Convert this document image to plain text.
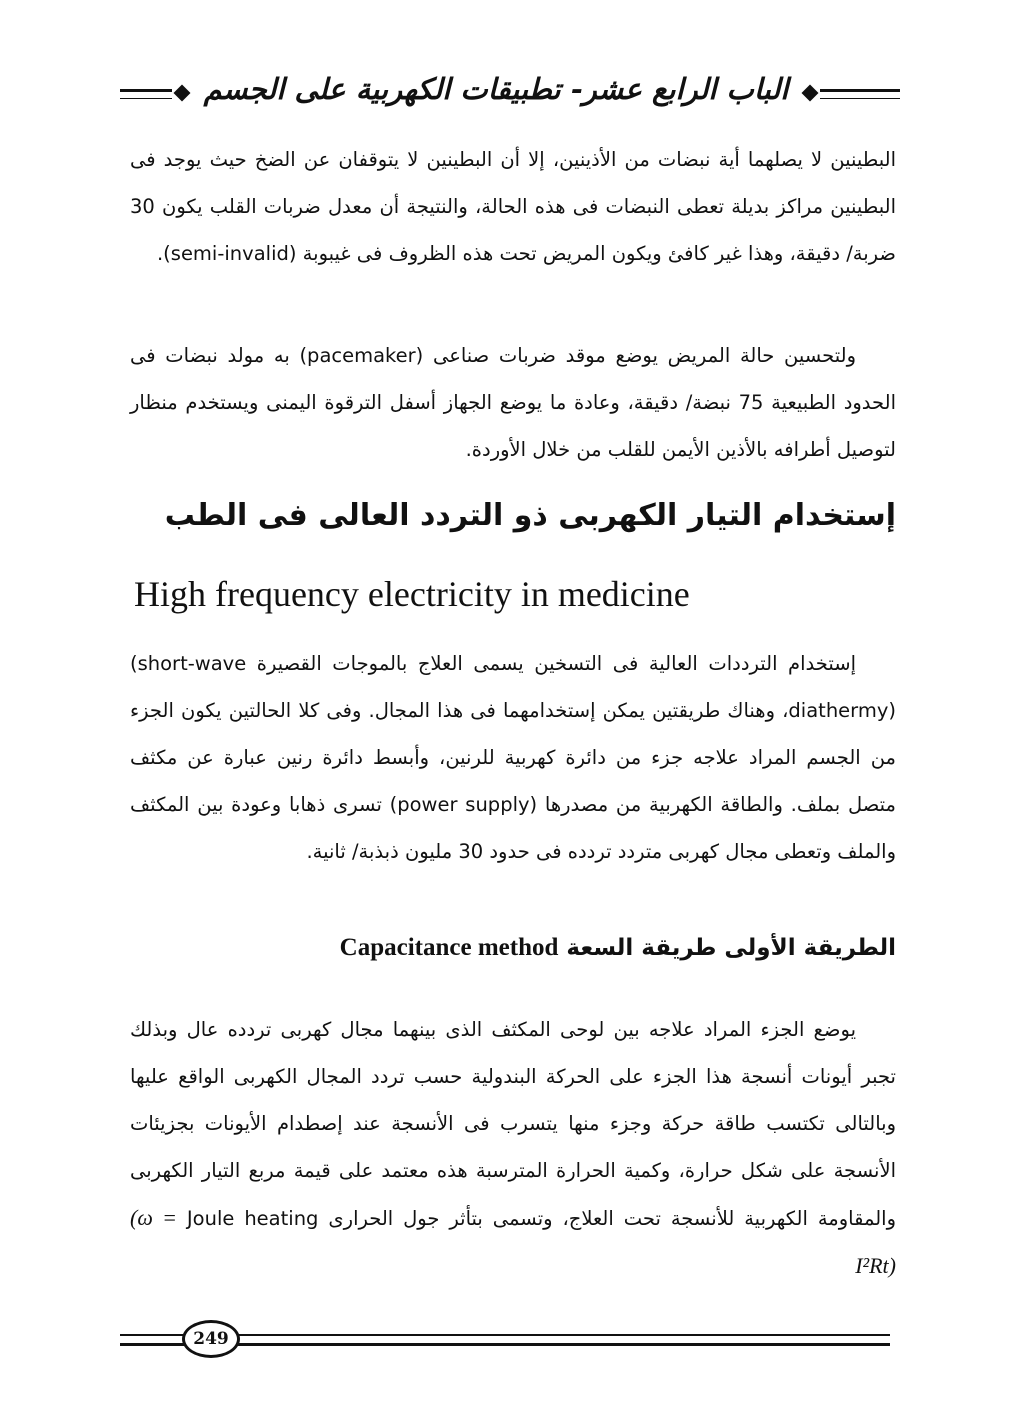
الباب الرابع عشر- تطبيقات الكهربية على الجسم
البطينين لا يصلهما أية نبضات من الأذينين، إلا أن البطينين لا يتوقفان عن الضخ حيث يوجد فى البطينين مراكز بديلة تعطى النبضات فى هذه الحالة، والنتيجة أن معدل ضربات القلب يكون 30 ضربة/ دقيقة، وهذا غير كافئ ويكون المريض تحت هذه الظروف فى غيبوبة (semi-invalid).
ولتحسين حالة المريض يوضع موقد ضربات صناعى (pacemaker) به مولد نبضات فى الحدود الطبيعية 75 نبضة/ دقيقة، وعادة ما يوضع الجهاز أسفل الترقوة اليمنى ويستخدم منظار لتوصيل أطرافه بالأذين الأيمن للقلب من خلال الأوردة.
إستخدام التيار الكهربى ذو التردد العالى فى الطب
High frequency electricity in medicine
إستخدام الترددات العالية فى التسخين يسمى العلاج بالموجات القصيرة (short-wave diathermy)، وهناك طريقتين يمكن إستخدامهما فى هذا المجال. وفى كلا الحالتين يكون الجزء من الجسم المراد علاجه جزء من دائرة كهربية للرنين، وأبسط دائرة رنين عبارة عن مكثف متصل بملف. والطاقة الكهربية من مصدرها (power supply) تسرى ذهابا وعودة بين المكثف والملف وتعطى مجال كهربى متردد تردده فى حدود 30 مليون ذبذبة/ ثانية.
الطريقة الأولى طريقة السعة Capacitance method
يوضع الجزء المراد علاجه بين لوحى المكثف الذى بينهما مجال كهربى تردده عال وبذلك تجبر أيونات أنسجة هذا الجزء على الحركة البندولية حسب تردد المجال الكهربى الواقع عليها وبالتالى تكتسب طاقة حركة وجزء منها يتسرب فى الأنسجة عند إصطدام الأيونات بجزيئات الأنسجة على شكل حرارة، وكمية الحرارة المترسبة هذه معتمد على قيمة مربع التيار الكهربى والمقاومة الكهربية للأنسجة تحت العلاج، وتسمى بتأثر جول الحرارى Joule heating (ω = I²Rt)
249
